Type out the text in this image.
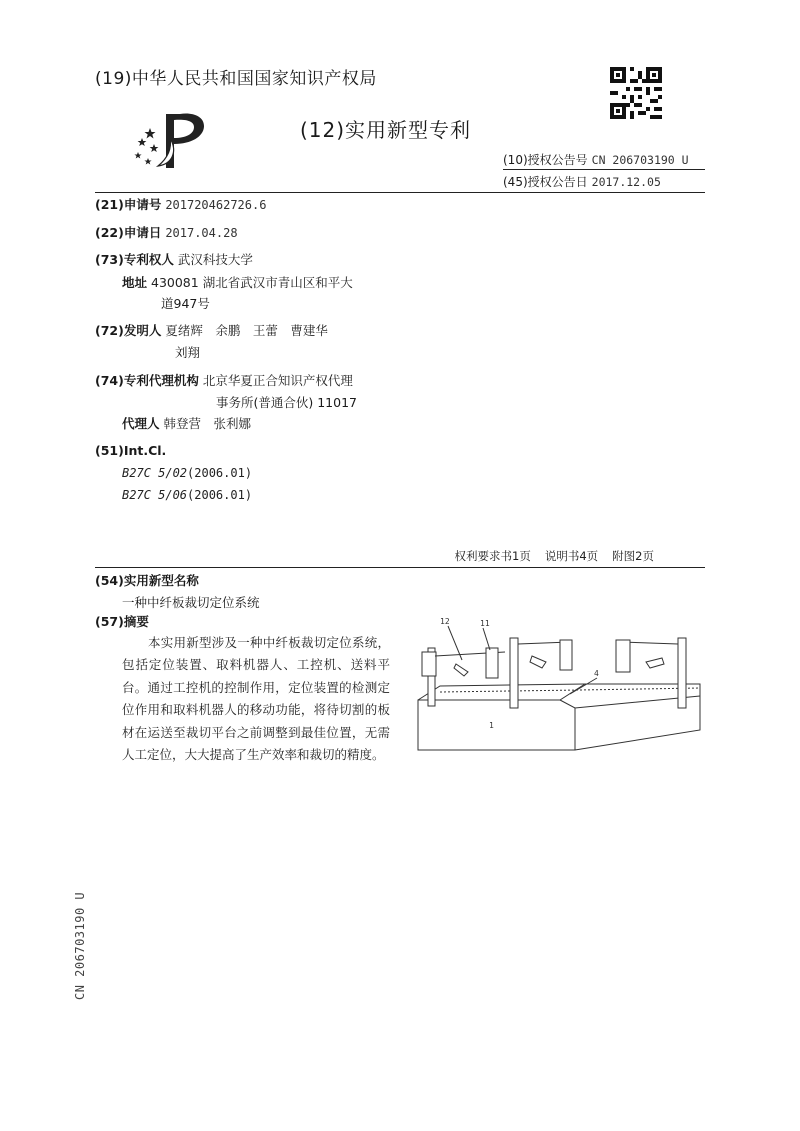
(19)中华人民共和国国家知识产权局
(12)实用新型专利
(10)授权公告号 CN 206703190 U
(45)授权公告日 2017.12.05
(21)申请号 201720462726.6
(22)申请日 2017.04.28
(73)专利权人 武汉科技大学
地址 430081 湖北省武汉市青山区和平大
道947号
(72)发明人 夏绪辉　余鹏　王蕾　曹建华
刘翔
(74)专利代理机构 北京华夏正合知识产权代理
事务所(普通合伙) 11017
代理人 韩登营　张利娜
(51)Int.Cl.
B27C 5/02(2006.01)
B27C 5/06(2006.01)
权利要求书1页 说明书4页 附图2页
(54)实用新型名称
一种中纤板裁切定位系统
(57)摘要
本实用新型涉及一种中纤板裁切定位系统，包括定位装置、取料机器人、工控机、送料平台。通过工控机的控制作用，定位装置的检测定位作用和取料机器人的移动功能，将待切割的板材在运送至裁切平台之前调整到最佳位置，无需人工定位，大大提高了生产效率和裁切的精度。
12	11
4
1
CN 206703190 U
